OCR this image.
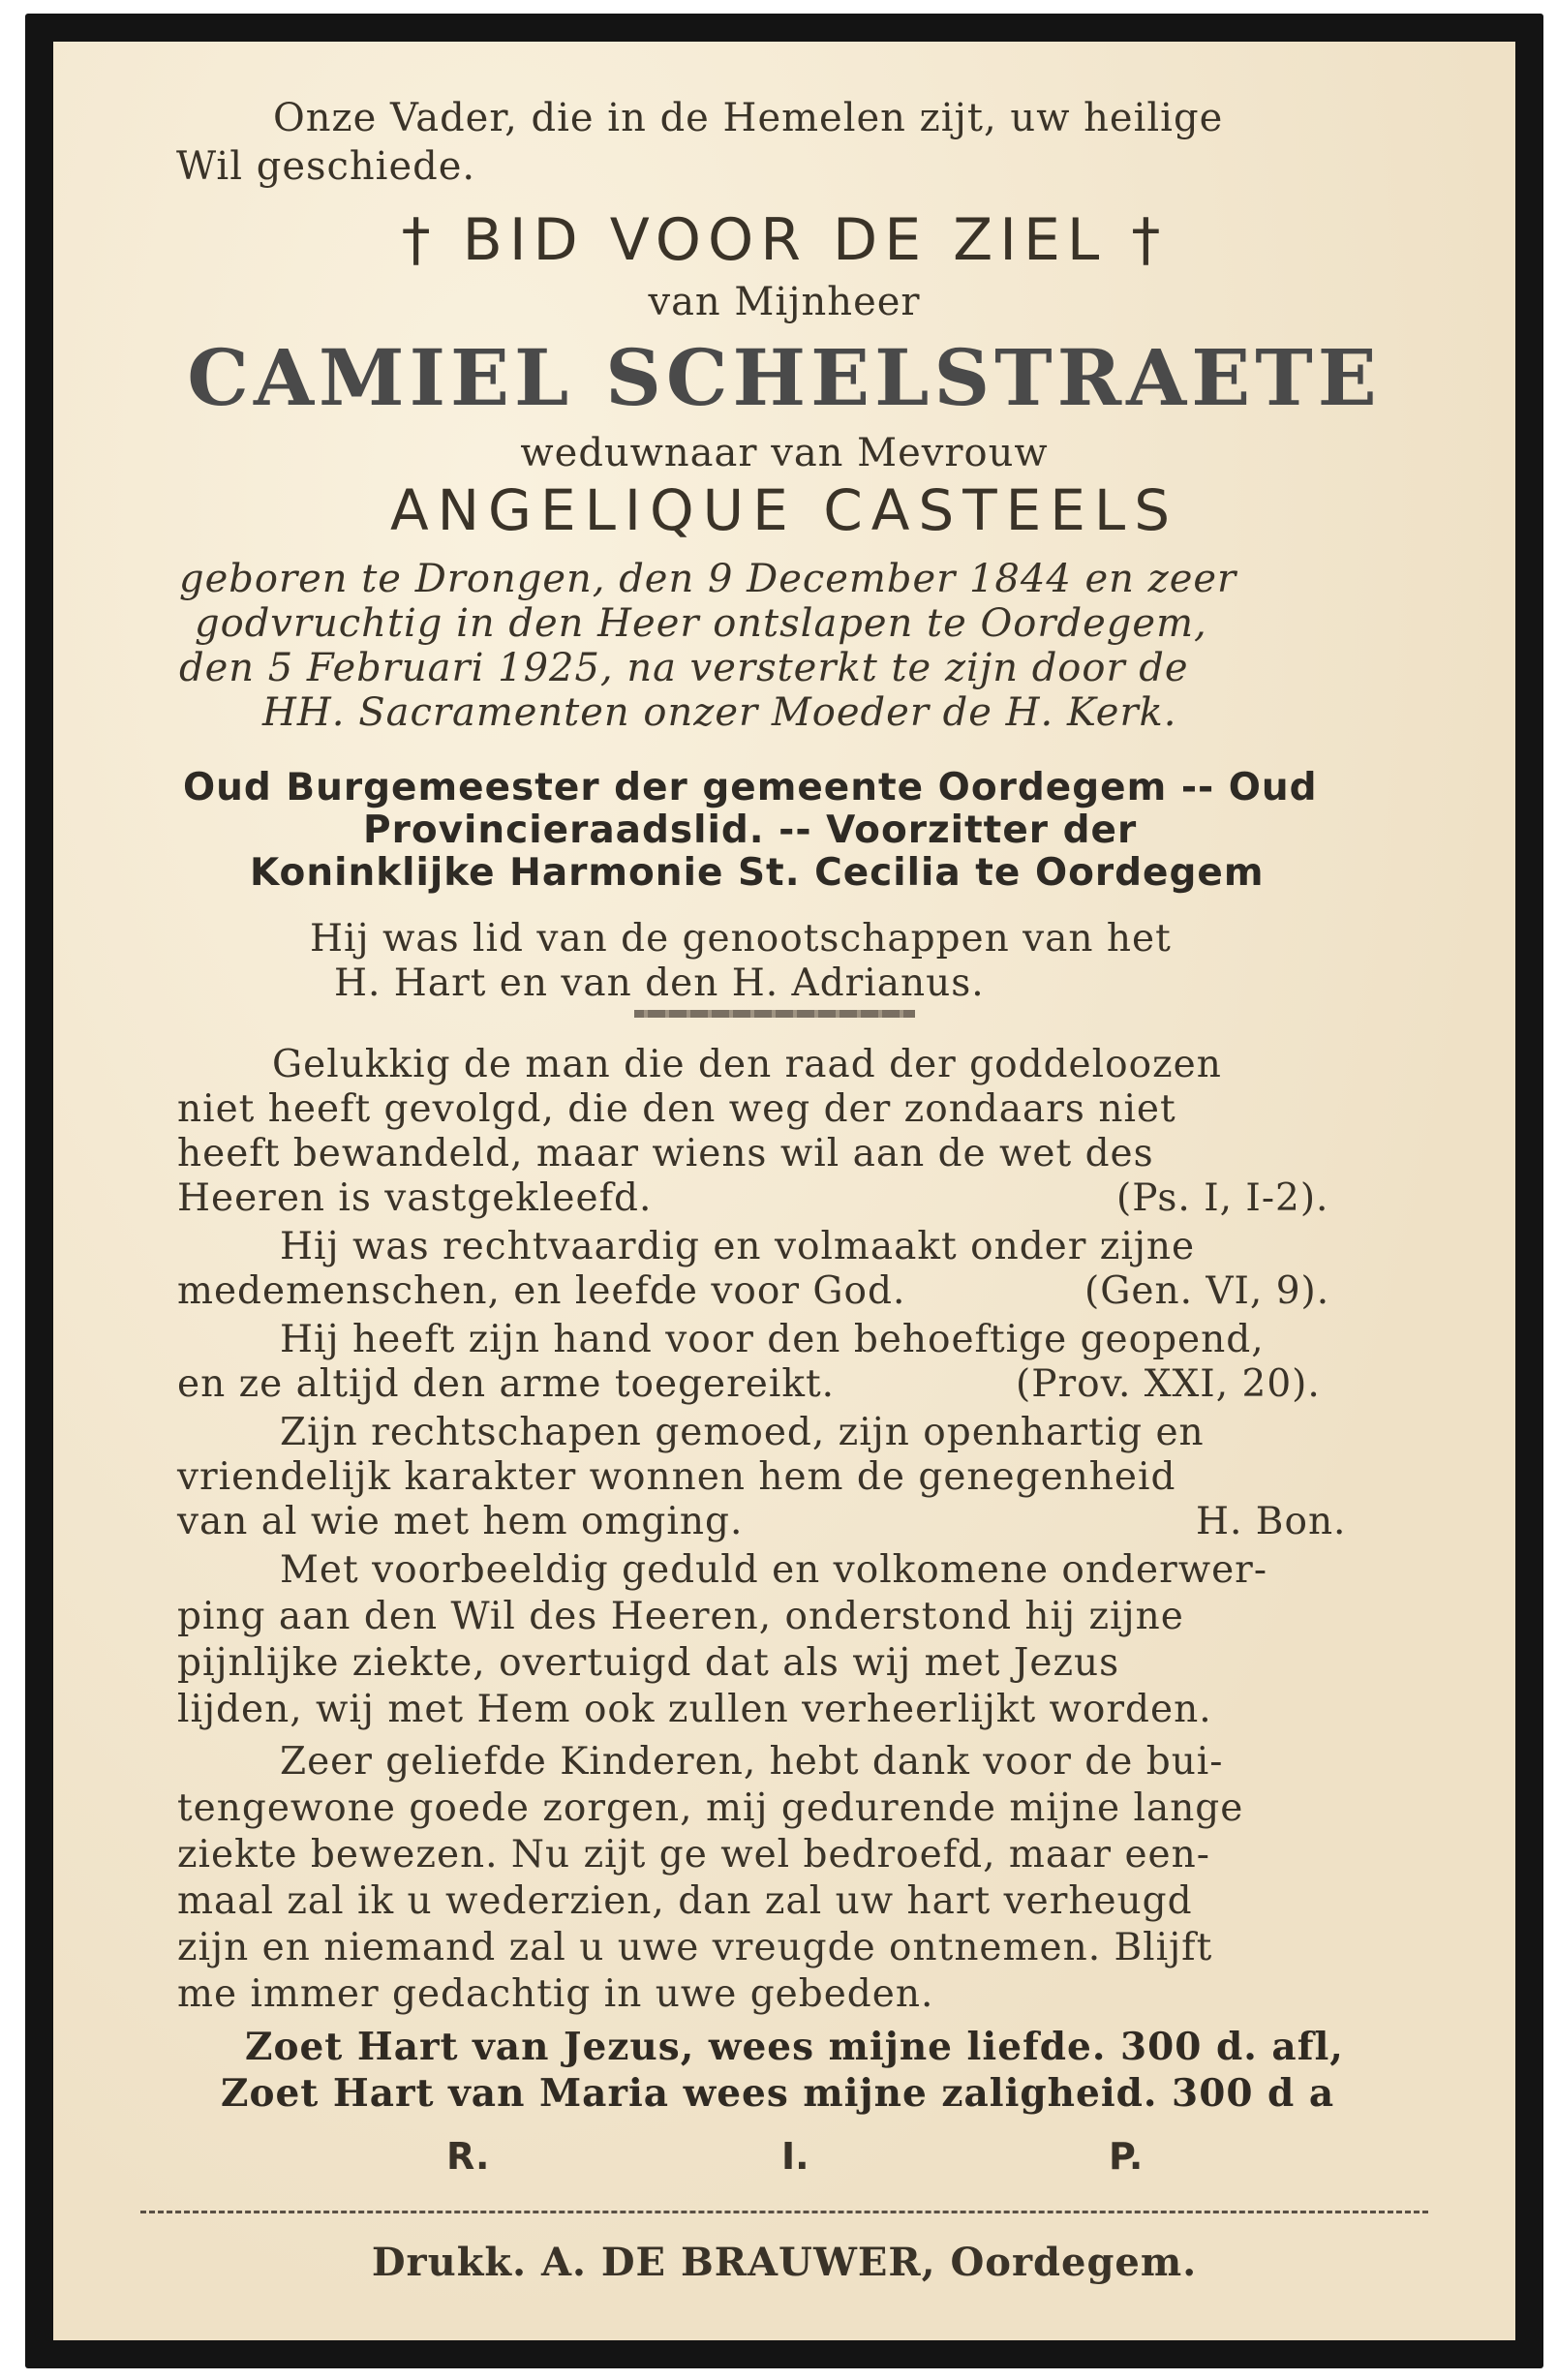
Onze Vader, die in de Hemelen zijt, uw heilige

Wil geschiede.

† BID VOOR DE ZIEL †

van Mijnheer

CAMIEL SCHELSTRAETE

weduwnaar van Mevrouw

ANGELIQUE CASTEELS

geboren te Drongen, den 9 December 1844 en zeer

godvruchtig in den Heer ontslapen te Oordegem,

den 5 Februari 1925, na versterkt te zijn door de

HH. Sacramenten onzer Moeder de H. Kerk.

Oud Burgemeester der gemeente Oordegem -- Oud

Provincieraadslid. -- Voorzitter der

Koninklijke Harmonie St. Cecilia te Oordegem

Hij was lid van de genootschappen van het

H. Hart en van den H. Adrianus.

Gelukkig de man die den raad der goddeloozen

niet heeft gevolgd, die den weg der zondaars niet

heeft bewandeld, maar wiens wil aan de wet des

Heeren is vastgekleefd.	(Ps. I, I-2).

Hij was rechtvaardig en volmaakt onder zijne

medemenschen, en leefde voor God.	(Gen. VI, 9).

Hij heeft zijn hand voor den behoeftige geopend,

en ze altijd den arme toegereikt.	(Prov. XXI, 20).

Zijn rechtschapen gemoed, zijn openhartig en

vriendelijk karakter wonnen hem de genegenheid

van al wie met hem omging.	H. Bon.

Met voorbeeldig geduld en volkomene onderwer-

ping aan den Wil des Heeren, onderstond hij zijne

pijnlijke ziekte, overtuigd dat als wij met Jezus

lijden, wij met Hem ook zullen verheerlijkt worden.

Zeer geliefde Kinderen, hebt dank voor de bui-

tengewone goede zorgen, mij gedurende mijne lange

ziekte bewezen. Nu zijt ge wel bedroefd, maar een-

maal zal ik u wederzien, dan zal uw hart verheugd

zijn en niemand zal u uwe vreugde ontnemen. Blijft

me immer gedachtig in uwe gebeden.

Zoet Hart van Jezus, wees mijne liefde. 300 d. afl,

Zoet Hart van Maria wees mijne zaligheid. 300 d a

R.	I.	P.

Drukk. A. DE BRAUWER, Oordegem.
